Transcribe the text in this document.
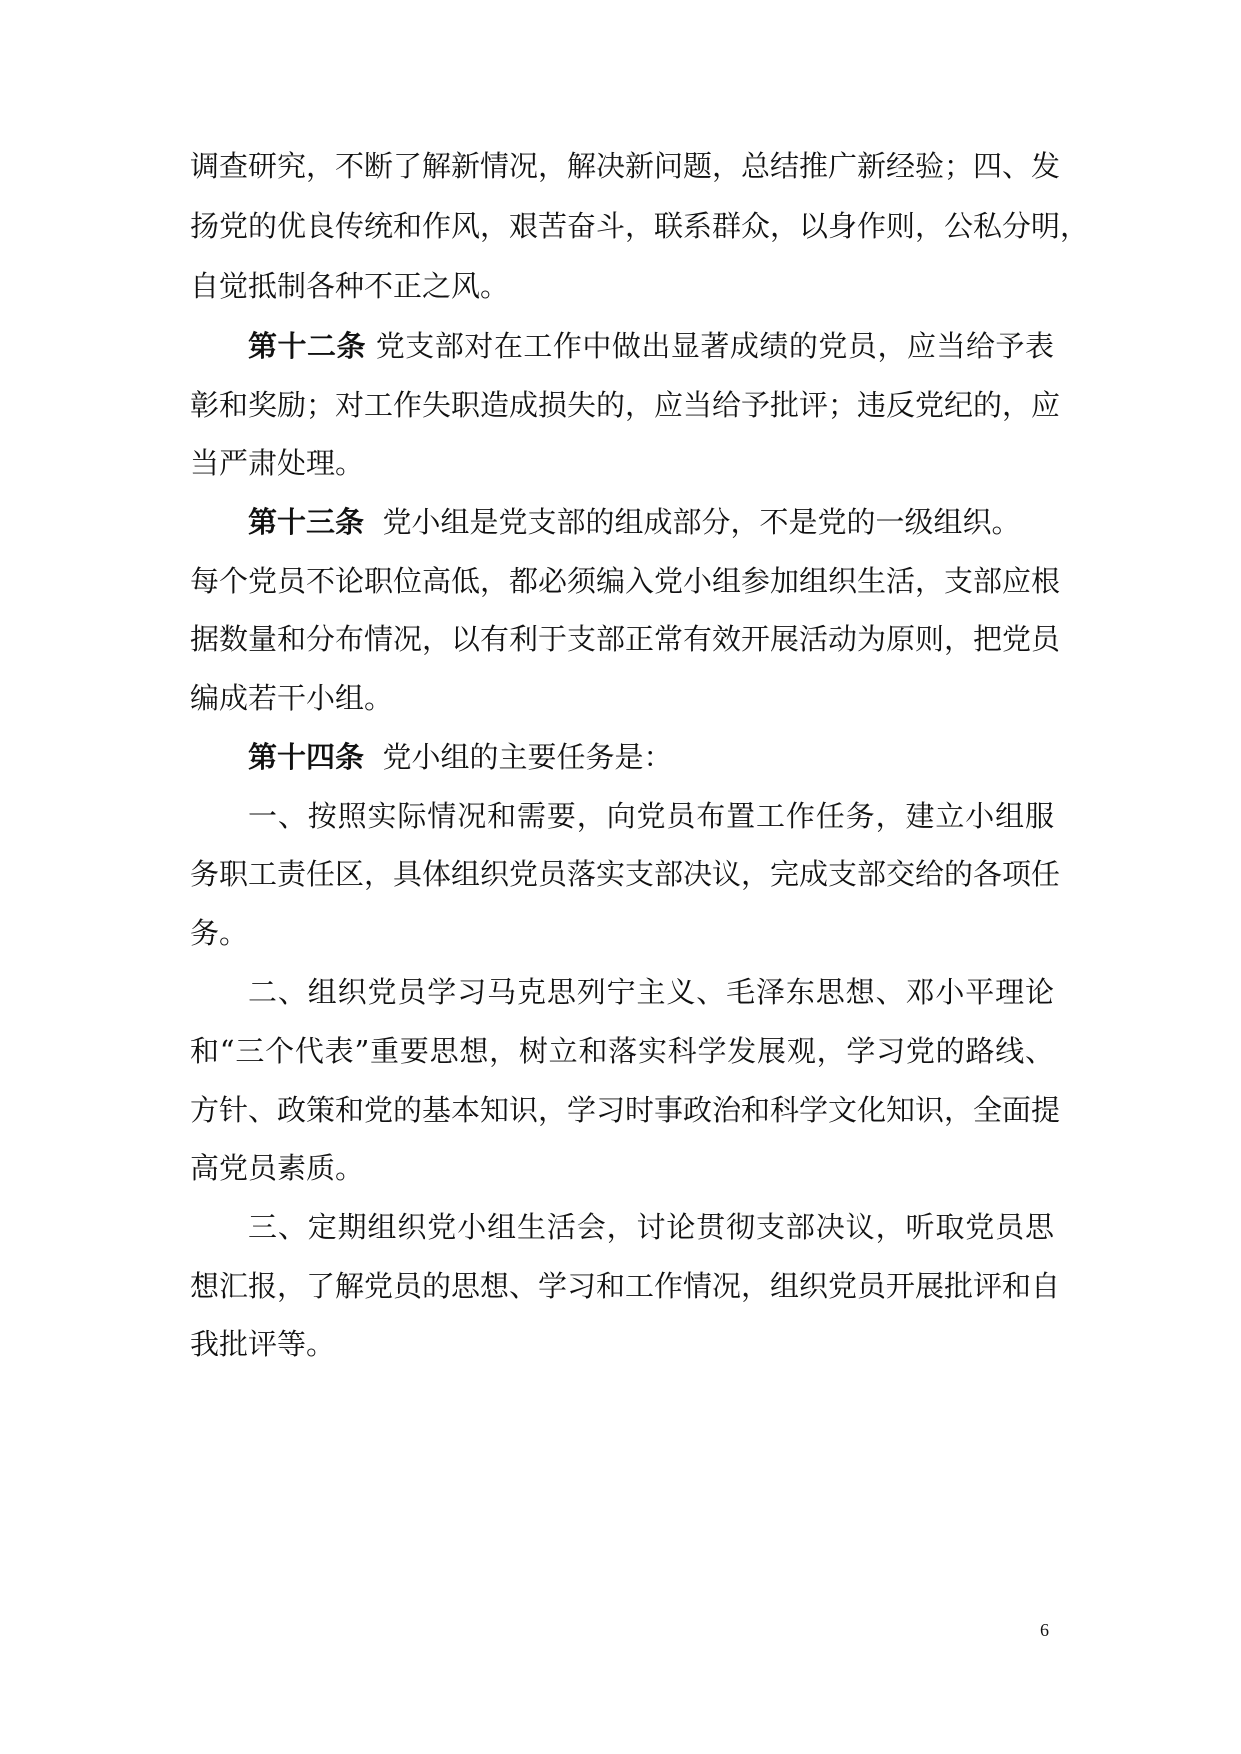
调查研究，不断了解新情况，解决新问题，总结推广新经验；四、发
扬党的优良传统和作风，艰苦奋斗，联系群众，以身作则，公私分明，
自觉抵制各种不正之风。
第十二条 党支部对在工作中做出显著成绩的党员，应当给予表
彰和奖励；对工作失职造成损失的，应当给予批评；违反党纪的，应
当严肃处理。
第十三条 党小组是党支部的组成部分，不是党的一级组织。
每个党员不论职位高低，都必须编入党小组参加组织生活，支部应根
据数量和分布情况，以有利于支部正常有效开展活动为原则，把党员
编成若干小组。
第十四条 党小组的主要任务是：
一、按照实际情况和需要，向党员布置工作任务，建立小组服
务职工责任区，具体组织党员落实支部决议，完成支部交给的各项任
务。
二、组织党员学习马克思列宁主义、毛泽东思想、邓小平理论
和“三个代表”重要思想，树立和落实科学发展观，学习党的路线、
方针、政策和党的基本知识，学习时事政治和科学文化知识，全面提
高党员素质。
三、定期组织党小组生活会，讨论贯彻支部决议，听取党员思
想汇报，了解党员的思想、学习和工作情况，组织党员开展批评和自
我批评等。
6
